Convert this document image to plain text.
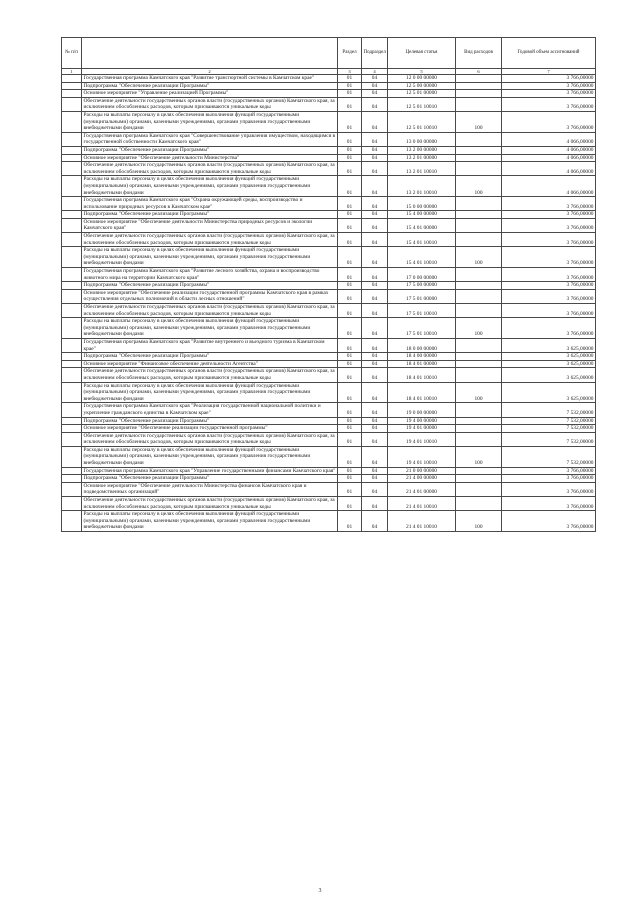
№ п/п		Раздел	Подраздел	Целевая статья	Вид расходов	Годовой объем ассигнований
1	2	3	4	5	6	7
	Государственная программа Камчатского края "Развитие транспортной системы в Камчатском крае"	01	04	12 0 00 00000		3 766,00000
	Подпрограмма "Обеспечение реализации Программы"	01	04	12 5 00 00000		3 766,00000
	Основное мероприятие "Управление реализацией Программы"	01	04	12 5 01 00000		3 766,00000
	Обеспечение деятельности государственных органов власти (государственных органов) Камчатского края, за исключением обособленных расходов, которым присваиваются уникальные коды	01	04	12 5 01 10010		3 766,00000
	Расходы на выплаты персоналу в целях обеспечения выполнения функций государственными (муниципальными) органами, казенными учреждениями, органами управления государственными внебюджетными фондами	01	04	12 5 01 10010	100	3 766,00000
	Государственная программа Камчатского края "Совершенствование управления имуществом, находящимся в государственной собственности Камчатского края"	01	04	13 0 00 00000		4 066,00000
	Подпрограмма "Обеспечение реализации Программы"	01	04	13 2 00 00000		4 066,00000
	Основное мероприятие "Обеспечение деятельности Министерства"	01	04	13 2 01 00000		4 066,00000
	Обеспечение деятельности государственных органов власти (государственных органов) Камчатского края, за исключением обособленных расходов, которым присваиваются уникальные коды	01	04	13 2 01 10010		4 066,00000
	Расходы на выплаты персоналу в целях обеспечения выполнения функций государственными (муниципальными) органами, казенными учреждениями, органами управления государственными внебюджетными фондами	01	04	13 2 01 10010	100	4 066,00000
	Государственная программа Камчатского края "Охрана окружающей среды, воспроизводство и использование природных ресурсов в Камчатском крае"	01	04	15 0 00 00000		3 766,00000
	Подпрограмма "Обеспечение реализации Программы"	01	04	15 4 00 00000		3 766,00000
	Основное мероприятие "Обеспечение деятельности Министерства природных ресурсов и экологии Камчатского края"	01	04	15 4 01 00000		3 766,00000
	Обеспечение деятельности государственных органов власти (государственных органов) Камчатского края, за исключением обособленных расходов, которым присваиваются уникальные коды	01	04	15 4 01 10010		3 766,00000
	Расходы на выплаты персоналу в целях обеспечения выполнения функций государственными (муниципальными) органами, казенными учреждениями, органами управления государственными внебюджетными фондами	01	04	15 4 01 10010	100	3 766,00000
	Государственная программа Камчатского края "Развитие лесного хозяйства, охрана и воспроизводство животного мира на территории Камчатского края"	01	04	17 0 00 00000		3 766,00000
	Подпрограмма "Обеспечение реализации Программы"	01	04	17 5 00 00000		3 766,00000
	Основное мероприятие "Обеспечение реализации государственной программы Камчатского края в рамках осуществления отдельных полномочий в области лесных отношений"	01	04	17 5 01 00000		3 766,00000
	Обеспечение деятельности государственных органов власти (государственных органов) Камчатского края, за исключением обособленных расходов, которым присваиваются уникальные коды	01	04	17 5 01 10010		3 766,00000
	Расходы на выплаты персоналу в целях обеспечения выполнения функций государственными (муниципальными) органами, казенными учреждениями, органами управления государственными внебюджетными фондами	01	04	17 5 01 10010	100	3 766,00000
	Государственная программа Камчатского края "Развитие внутреннего и въездного туризма в Камчатском крае"	01	04	18 0 00 00000		3 625,00000
	Подпрограмма "Обеспечение реализации Программы"	01	04	18 4 00 00000		3 625,00000
	Основное мероприятие "Финансовое обеспечение деятельности Агентства"	01	04	18 4 01 00000		3 625,00000
	Обеспечение деятельности государственных органов власти (государственных органов) Камчатского края, за исключением обособленных расходов, которым присваиваются уникальные коды	01	04	18 4 01 10010		3 625,00000
	Расходы на выплаты персоналу в целях обеспечения выполнения функций государственными (муниципальными) органами, казенными учреждениями, органами управления государственными внебюджетными фондами	01	04	18 4 01 10010	100	3 625,00000
	Государственная программа Камчатского края "Реализация государственной национальной политики и укрепление гражданского единства в Камчатском крае"	01	04	19 0 00 00000		7 532,00000
	Подпрограмма "Обеспечение реализации Программы"	01	04	19 4 00 00000		7 532,00000
	Основное мероприятие "Обеспечение реализации государственной программы"	01	04	19 4 01 00000		7 532,00000
	Обеспечение деятельности государственных органов власти (государственных органов) Камчатского края, за исключением обособленных расходов, которым присваиваются уникальные коды	01	04	19 4 01 10010		7 532,00000
	Расходы на выплаты персоналу в целях обеспечения выполнения функций государственными (муниципальными) органами, казенными учреждениями, органами управления государственными внебюджетными фондами	01	04	19 4 01 10010	100	7 532,00000
	Государственная программа Камчатского края "Управление государственными финансами Камчатского края"	01	04	21 0 00 00000		3 766,00000
	Подпрограмма "Обеспечение реализации Программы"	01	04	21 4 00 00000		3 766,00000
	Основное мероприятие "Обеспечение деятельности Министерства финансов Камчатского края и подведомственных организаций"	01	04	21 4 01 00000		3 766,00000
	Обеспечение деятельности государственных органов власти (государственных органов) Камчатского края, за исключением обособленных расходов, которым присваиваются уникальные коды	01	04	21 4 01 10010		3 766,00000
	Расходы на выплаты персоналу в целях обеспечения выполнения функций государственными (муниципальными) органами, казенными учреждениями, органами управления государственными внебюджетными фондами	01	04	21 4 01 10010	100	3 766,00000
3
